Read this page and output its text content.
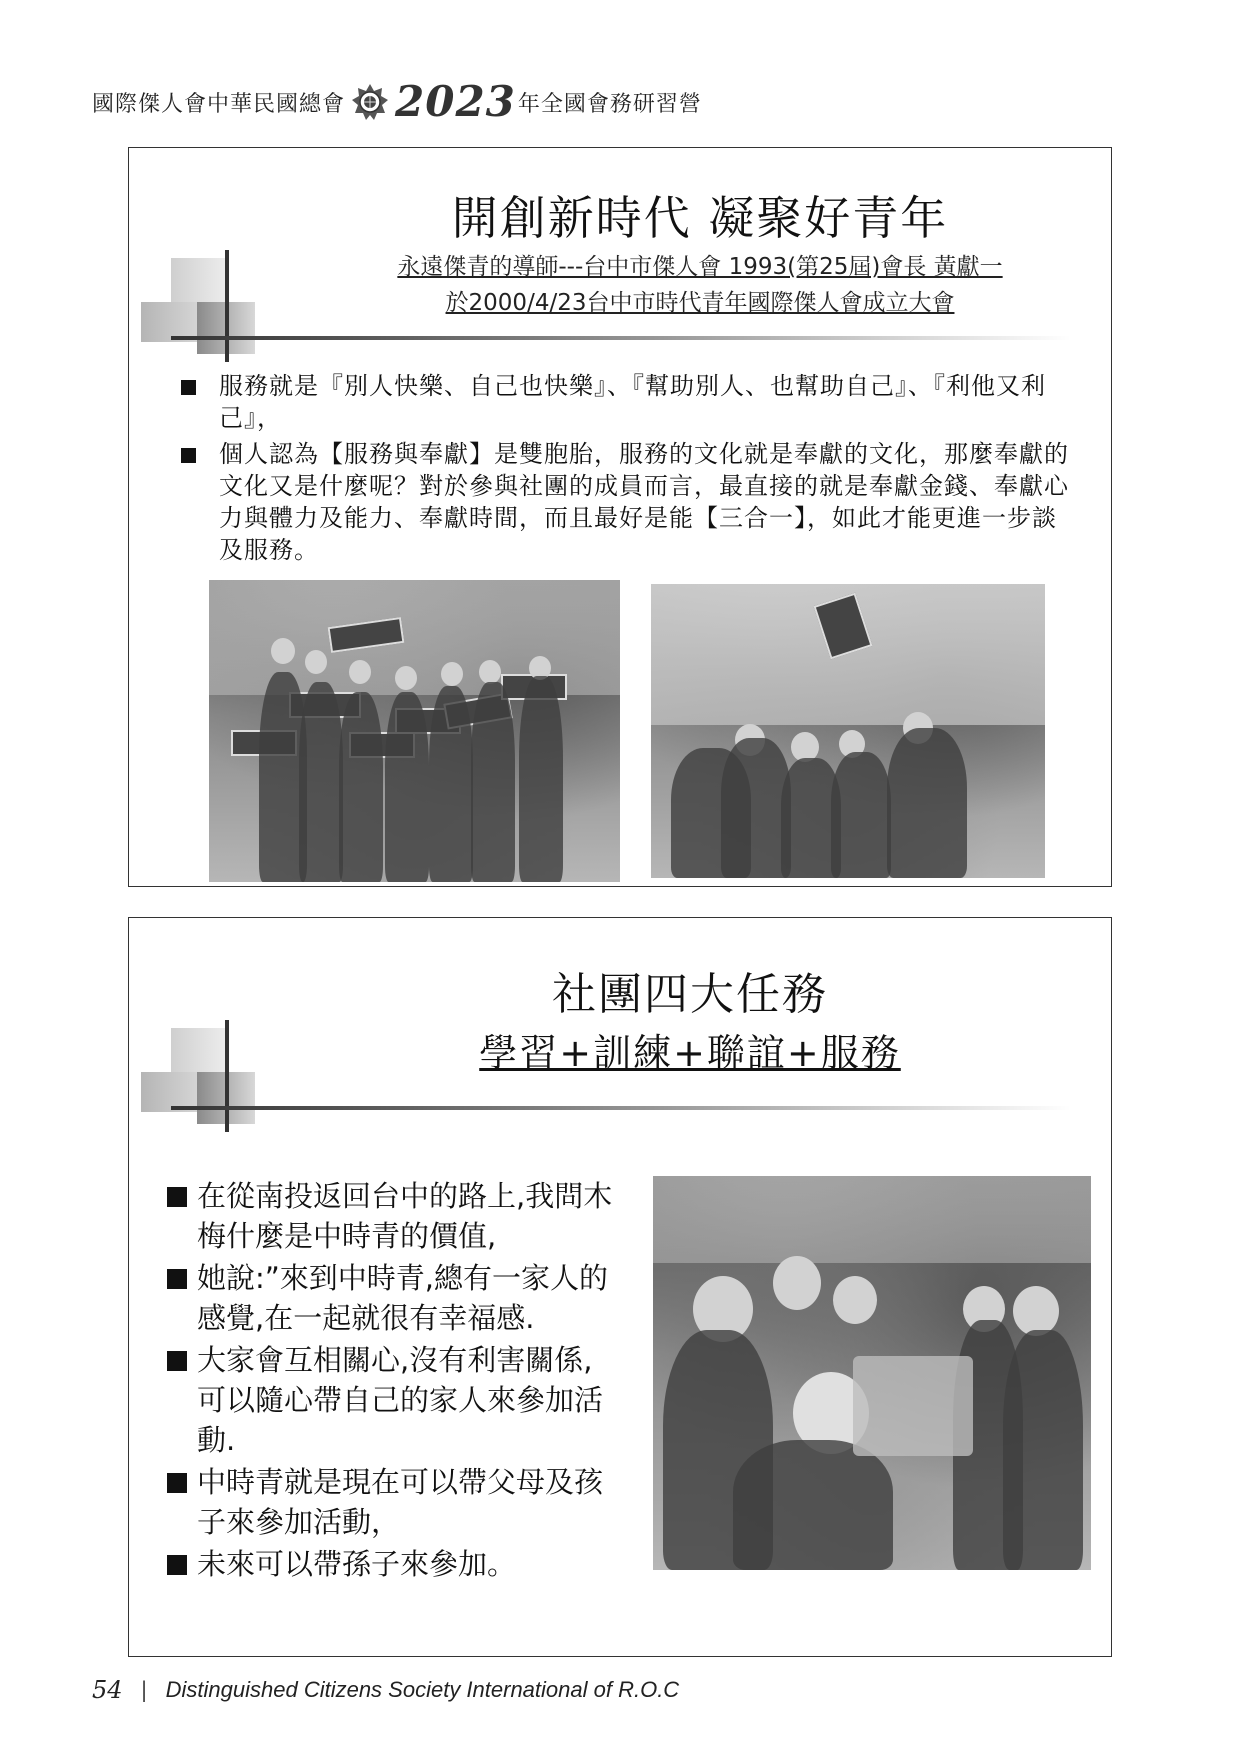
國際傑人會中華民國總會 2023 年全國會務研習營
開創新時代 凝聚好青年
永遠傑青的導師---台中市傑人會 1993(第25屆)會長 黃獻一
於2000/4/23台中市時代青年國際傑人會成立大會
服務就是『別人快樂、自己也快樂』、『幫助別人、也幫助自己』、『利他又利己』，
個人認為【服務與奉獻】是雙胞胎，服務的文化就是奉獻的文化，那麼奉獻的文化又是什麼呢？對於參與社團的成員而言，最直接的就是奉獻金錢、奉獻心力與體力及能力、奉獻時間，而且最好是能【三合一】，如此才能更進一步談及服務。
社團四大任務
學習+訓練+聯誼+服務
在從南投返回台中的路上,我問木梅什麼是中時青的價值,
她說:”來到中時青,總有一家人的感覺,在一起就很有幸福感.
大家會互相關心,沒有利害關係,可以隨心帶自己的家人來參加活動.
中時青就是現在可以帶父母及孩子來參加活動，
未來可以帶孫子來參加。
54 | Distinguished Citizens Society International of R.O.C
